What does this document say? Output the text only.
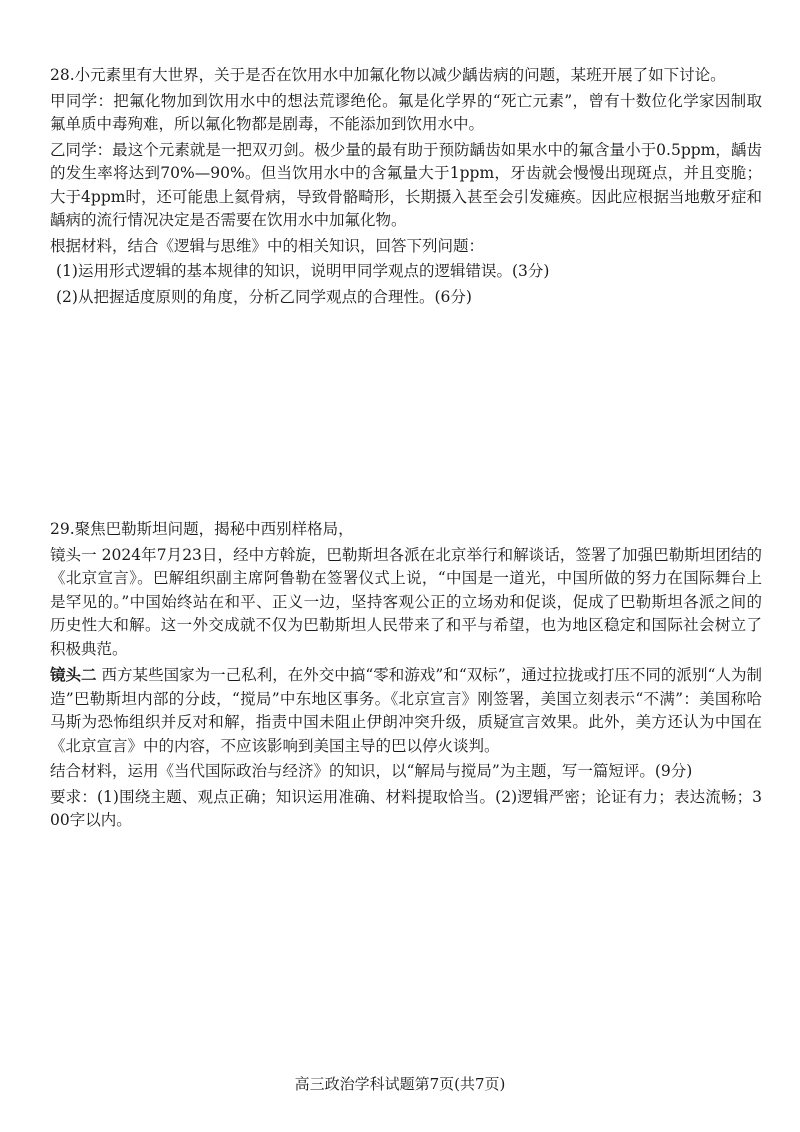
28.小元素里有大世界，关于是否在饮用水中加氟化物以减少龋齿病的问题，某班开展了如下讨论。

甲同学：把氟化物加到饮用水中的想法荒谬绝伦。氟是化学界的“死亡元素”，曾有十数位化学家因制取氟单质中毒殉难，所以氟化物都是剧毒，不能添加到饮用水中。

乙同学：最这个元素就是一把双刃剑。极少量的最有助于预防龋齿如果水中的氟含量小于0.5ppm，龋齿的发生率将达到70%—90%。但当饮用水中的含氟量大于1ppm，牙齿就会慢慢出现斑点，并且变脆；大于4ppm时，还可能患上氦骨病，导致骨骼畸形，长期摄入甚至会引发瘫痪。因此应根据当地敷牙症和龋病的流行情况决定是否需要在饮用水中加氟化物。

根据材料，结合《逻辑与思维》中的相关知识，回答下列问题：

(1)运用形式逻辑的基本规律的知识，说明甲同学观点的逻辑错误。(3分)

(2)从把握适度原则的角度，分析乙同学观点的合理性。(6分)

29.聚焦巴勒斯坦问题，揭秘中西别样格局，

镜头一 2024年7月23日，经中方斡旋，巴勒斯坦各派在北京举行和解谈话，签署了加强巴勒斯坦团结的《北京宣言》。巴解组织副主席阿鲁勒在签署仪式上说，“中国是一道光，中国所做的努力在国际舞台上是罕见的。”中国始终站在和平、正义一边，坚持客观公正的立场劝和促谈，促成了巴勒斯坦各派之间的历史性大和解。这一外交成就不仅为巴勒斯坦人民带来了和平与希望，也为地区稳定和国际社会树立了积极典范。

镜头二 西方某些国家为一己私利，在外交中搞“零和游戏”和“双标”，通过拉拢或打压不同的派别“人为制造”巴勒斯坦内部的分歧，“搅局”中东地区事务。《北京宣言》刚签署，美国立刻表示“不满”：美国称哈马斯为恐怖组织并反对和解，指责中国未阻止伊朗冲突升级，质疑宣言效果。此外，美方还认为中国在《北京宣言》中的内容，不应该影响到美国主导的巴以停火谈判。

结合材料，运用《当代国际政治与经济》的知识，以“解局与搅局”为主题，写一篇短评。(9分)

要求：(1)围绕主题、观点正确；知识运用准确、材料提取恰当。(2)逻辑严密；论证有力；表达流畅；300字以内。

高三政治学科试题第7页(共7页)
